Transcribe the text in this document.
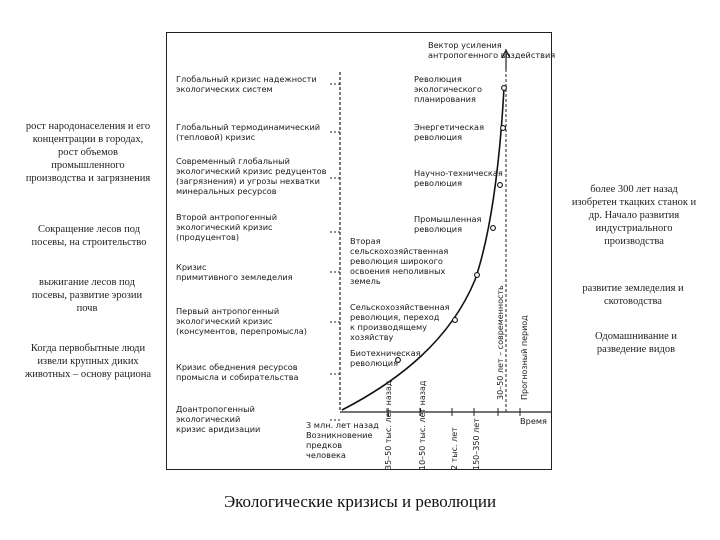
рост народонаселения и его концентрации в городах, рост объемов промышленного производства и загрязнения
Сокращение лесов под посевы, на строительство
выжигание лесов под посевы, развитие эрозии почв
Когда первобытные люди извели крупных диких животных – основу рациона
более 300 лет назад изобретен ткацких станок и др. Начало развития индустриального производства
развитие земледелия и скотоводства
Одомашнивание и разведение видов
Экологические кризисы и революции
Вектор усиления
антропогенного воздействия
Глобальный кризис надежности
экологических систем
Глобальный термодинамический
(тепловой) кризис
Современный глобальный
экологический кризис редуцентов
(загрязнения) и угрозы нехватки
минеральных ресурсов
Второй антропогенный
экологический кризис
(продуцентов)
Кризис
примитивного земледелия
Первый антропогенный
экологический кризис
(консументов, перепромысла)
Кризис обеднения ресурсов
промысла и собирательства
Доантропогенный
экологический
кризис аридизации
Революция
экологического
планирования
Энергетическая
революция
Научно-техническая
революция
Промышленная
революция
Вторая
сельскохозяйственная
революция широкого
освоения неполивных
земель
Сельскохозяйственная
революция, переход
к производящему
хозяйству
Биотехническая
революция
3 млн. лет назад
Возникновение
предков
человека
Время
35–50 тыс. лет назад	10–50 тыс. лет назад	2 тыс. лет 150–350 лет
30–50 лет – современность Прогнозный период
